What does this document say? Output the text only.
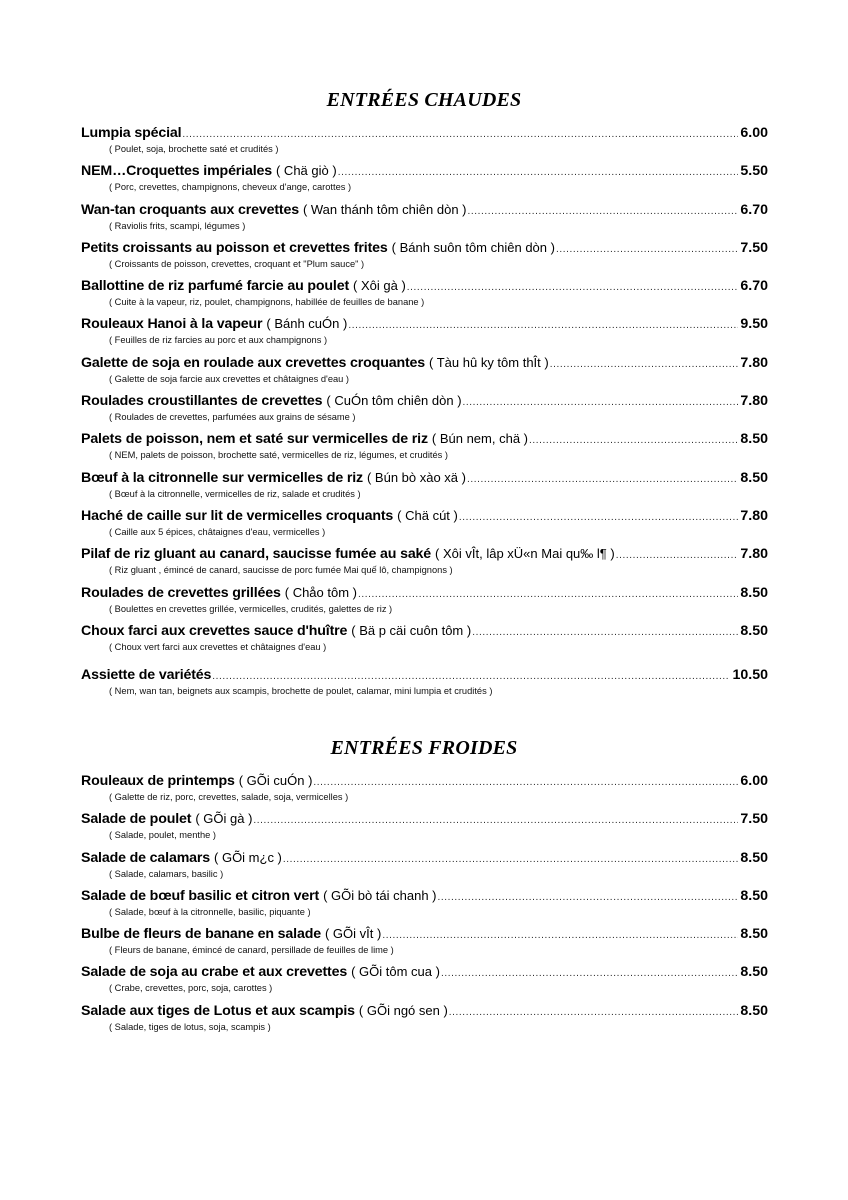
ENTRÉES CHAUDES
Lumpia spécial .....	6.00
( Poulet, soja, brochette saté et crudités )
NEM…Croquettes impériales ( Chä giò ) .....	5.50
( Porc, crevettes, champignons, cheveux d'ange, carottes )
Wan-tan croquants aux crevettes ( Wan thánh tôm chiên dòn ) .....	6.70
( Raviolis frits, scampi, légumes )
Petits croissants au poisson et crevettes frites ( Bánh suôn tôm chiên dòn ) .....	7.50
( Croissants de poisson, crevettes, croquant et "Plum sauce" )
Ballottine de riz parfumé farcie au poulet ( Xôi gà ) .....	6.70
( Cuite à la vapeur, riz, poulet, champignons, habillée de feuilles de banane )
Rouleaux Hanoi à la vapeur ( Bánh cuÓn ) .....	9.50
( Feuilles de riz farcies au porc et aux champignons )
Galette de soja en roulade aux crevettes croquantes ( Tàu hû ky tôm thÎt ) .....	7.80
( Galette de soja farcie aux crevettes et châtaignes d'eau )
Roulades croustillantes de crevettes ( CuÓn tôm chiên dòn ) .....	7.80
( Roulades de crevettes, parfumées aux grains de sésame )
Palets de poisson, nem et saté sur vermicelles de riz ( Bún nem, chä ) .....	8.50
( NEM, palets de poisson, brochette saté, vermicelles de riz, légumes, et crudités )
Bœuf à la citronnelle sur vermicelles de riz ( Bún bò xào xä ) .....	8.50
( Bœuf à la citronnelle, vermicelles de riz, salade et crudités )
Haché de caille sur lit de vermicelles croquants ( Chä cút ) .....	7.80
( Caille aux 5 épices, châtaignes d'eau, vermicelles )
Pilaf de riz gluant au canard, saucisse fumée au saké ( Xôi vÎt, lâp xÜ«n Mai qu‰ l¶ ) .....	7.80
( Riz gluant , émincé de canard, saucisse de porc fumée Mai quế lô, champignons )
Roulades de crevettes grillées ( Chåo tôm ) .....	8.50
( Boulettes en crevettes grillée, vermicelles, crudités, galettes de riz )
Choux farci aux crevettes sauce d'huître ( Bä p cäi cuôn tôm ) .....	8.50
( Choux vert farci aux crevettes et châtaignes d'eau )
Assiette de variétés .....	10.50
( Nem, wan tan, beignets aux scampis, brochette de poulet, calamar, mini lumpia et crudités )
ENTRÉES FROIDES
Rouleaux de printemps ( GÕi cuÓn ) .....	6.00
( Galette de riz, porc, crevettes, salade, soja, vermicelles )
Salade de poulet ( GÕi gà ) .....	7.50
( Salade, poulet, menthe )
Salade de calamars ( GÕi m¿c ) .....	8.50
( Salade, calamars, basilic )
Salade de bœuf basilic et citron vert ( GÕi bò tái chanh ) .....	8.50
( Salade, bœuf à la citronnelle, basilic, piquante )
Bulbe de fleurs de banane en salade ( GÕi vÎt ) .....	8.50
( Fleurs de banane, émincé de canard, persillade de feuilles de lime )
Salade de soja au crabe et aux crevettes ( GÕi tôm cua ) .....	8.50
( Crabe, crevettes, porc, soja, carottes )
Salade aux tiges de Lotus et aux scampis ( GÕi ngó sen ) .....	8.50
( Salade, tiges de lotus, soja, scampis )
